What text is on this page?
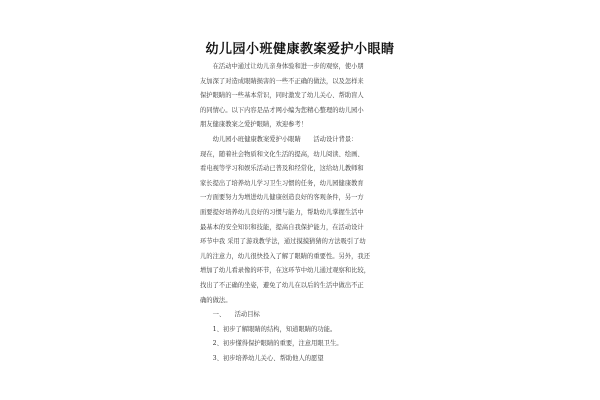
幼儿园小班健康教案爱护小眼睛
　　在活动中通过让幼儿亲身体验和进一步的观察，使小朋
友加深了对造成眼睛损害的一些不正确的做法，以及怎样来
保护眼睛的一些基本常识，同时激发了幼儿关心、帮助盲人
的同情心。以下内容是品才网小编为您精心整理的幼儿园小
朋友健康教案之爱护眼睛，欢迎参考！
　　幼儿园小班健康教案爱护小眼睛　　活动设计背景：
现在，随着社会物质和文化生活的提高，幼儿阅读、绘画、
看电视等学习和娱乐活动已普及和经常化，这给幼儿教师和
家长提出了培养幼儿学习卫生习惯的任务，幼儿园健康教育
一方面要努力为增进幼儿健康创造良好的客观条件，另一方
面要提好培养幼儿良好的习惯与能力，帮助幼儿掌握生活中
最基本的安全知识和技能，提高自我保护能力，在活动设计
环节中我 采用了游戏教学法，通过摸摸猜猜的方法吸引了幼
儿的注意力，幼儿很快投入了解了眼睛的重要性。另外，我还
增加了幼儿看录像的环节，在这环节中幼儿通过观察和比较，
找出了不正确的坐姿，避免了幼儿在以后的生活中做出不正
确的做法。
　　一、　　活动目标
　　1、初步了解眼睛的结构，知道眼睛的功能。
　　2、初步懂得保护眼睛的重要，注意用眼卫生。
　　3、初步培养幼儿关心、帮助他人的愿望
